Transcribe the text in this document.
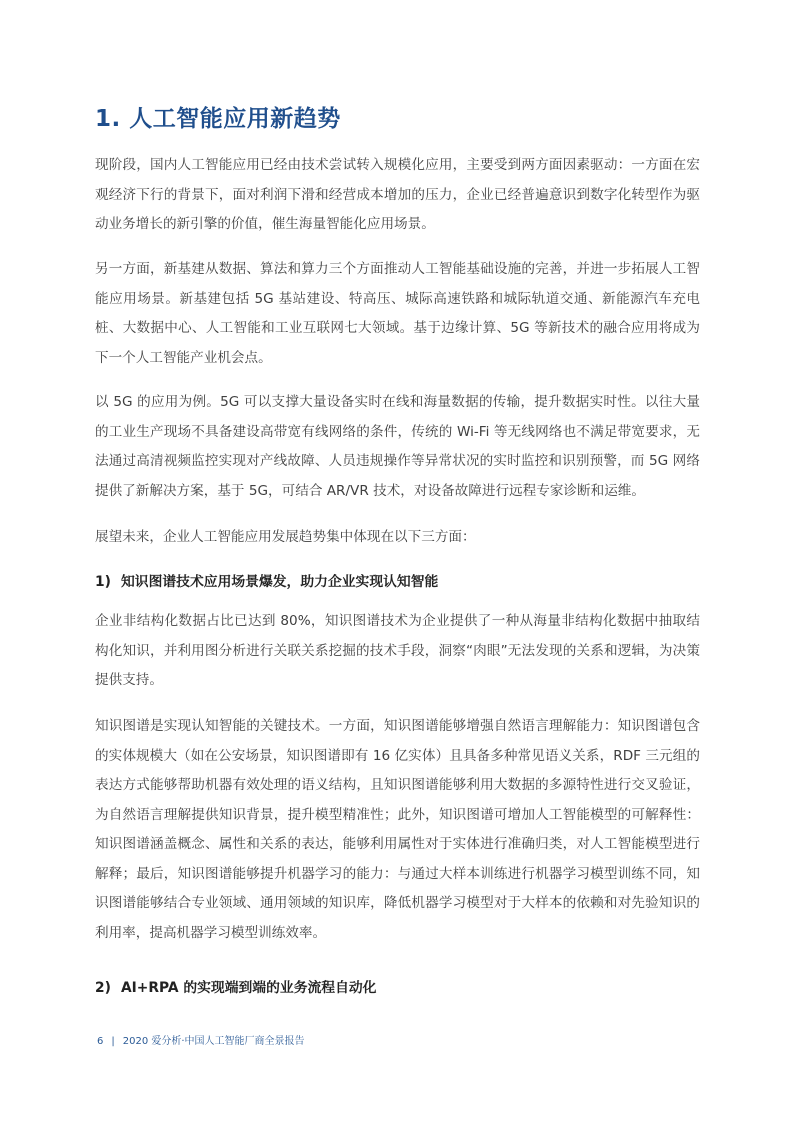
1. 人工智能应用新趋势

现阶段，国内人工智能应用已经由技术尝试转入规模化应用，主要受到两方面因素驱动：一方面在宏观经济下行的背景下，面对利润下滑和经营成本增加的压力，企业已经普遍意识到数字化转型作为驱动业务增长的新引擎的价值，催生海量智能化应用场景。

另一方面，新基建从数据、算法和算力三个方面推动人工智能基础设施的完善，并进一步拓展人工智能应用场景。新基建包括 5G 基站建设、特高压、城际高速铁路和城际轨道交通、新能源汽车充电桩、大数据中心、人工智能和工业互联网七大领域。基于边缘计算、5G 等新技术的融合应用将成为下一个人工智能产业机会点。

以 5G 的应用为例。5G 可以支撑大量设备实时在线和海量数据的传输，提升数据实时性。以往大量的工业生产现场不具备建设高带宽有线网络的条件，传统的 Wi-Fi 等无线网络也不满足带宽要求，无法通过高清视频监控实现对产线故障、人员违规操作等异常状况的实时监控和识别预警，而 5G 网络提供了新解决方案，基于 5G，可结合 AR/VR 技术，对设备故障进行远程专家诊断和运维。

展望未来，企业人工智能应用发展趋势集中体现在以下三方面：

1) 知识图谱技术应用场景爆发，助力企业实现认知智能

企业非结构化数据占比已达到 80%，知识图谱技术为企业提供了一种从海量非结构化数据中抽取结构化知识，并利用图分析进行关联关系挖掘的技术手段，洞察“肉眼”无法发现的关系和逻辑，为决策提供支持。

知识图谱是实现认知智能的关键技术。一方面，知识图谱能够增强自然语言理解能力：知识图谱包含的实体规模大（如在公安场景，知识图谱即有 16 亿实体）且具备多种常见语义关系，RDF 三元组的表达方式能够帮助机器有效处理的语义结构，且知识图谱能够利用大数据的多源特性进行交叉验证，为自然语言理解提供知识背景，提升模型精准性；此外，知识图谱可增加人工智能模型的可解释性：知识图谱涵盖概念、属性和关系的表达，能够利用属性对于实体进行准确归类，对人工智能模型进行解释；最后，知识图谱能够提升机器学习的能力：与通过大样本训练进行机器学习模型训练不同，知识图谱能够结合专业领域、通用领域的知识库，降低机器学习模型对于大样本的依赖和对先验知识的利用率，提高机器学习模型训练效率。

2) AI+RPA 的实现端到端的业务流程自动化
6 | 2020 爱分析·中国人工智能厂商全景报告
